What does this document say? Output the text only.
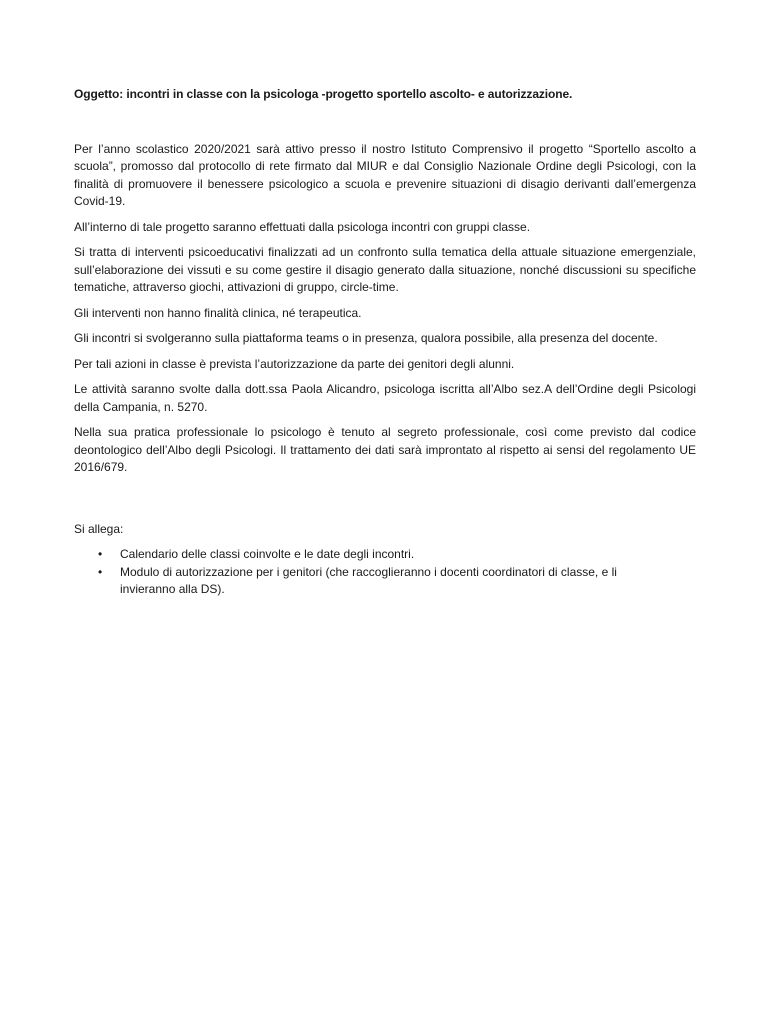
Oggetto: incontri in classe con la psicologa -progetto sportello ascolto- e autorizzazione.

Per l’anno scolastico 2020/2021 sarà attivo presso il nostro Istituto Comprensivo il progetto “Sportello ascolto a scuola”, promosso dal protocollo di rete firmato dal MIUR e dal Consiglio Nazionale Ordine degli Psicologi, con la finalità di promuovere il benessere psicologico a scuola e prevenire situazioni di disagio derivanti dall’emergenza Covid-19.

All’interno di tale progetto saranno effettuati dalla psicologa incontri con gruppi classe.

Si tratta di interventi psicoeducativi finalizzati ad un confronto sulla tematica della attuale situazione emergenziale, sull’elaborazione dei vissuti e su come gestire il disagio generato dalla situazione, nonché discussioni su specifiche tematiche, attraverso giochi, attivazioni di gruppo, circle-time.

Gli interventi non hanno finalità clinica, né terapeutica.

Gli incontri si svolgeranno sulla piattaforma teams o in presenza, qualora possibile, alla presenza del docente.

Per tali azioni in classe è prevista l’autorizzazione da parte dei genitori degli alunni.

Le attività saranno svolte dalla dott.ssa Paola Alicandro, psicologa iscritta all’Albo sez.A dell’Ordine degli Psicologi della Campania, n. 5270.

Nella sua pratica professionale lo psicologo è tenuto al segreto professionale, così come previsto dal codice deontologico dell’Albo degli Psicologi. Il trattamento dei dati sarà improntato al rispetto ai sensi del regolamento UE 2016/679.

Si allega:

• Calendario delle classi coinvolte e le date degli incontri.
• Modulo di autorizzazione per i genitori (che raccoglieranno i docenti coordinatori di classe, e li invieranno alla DS).
